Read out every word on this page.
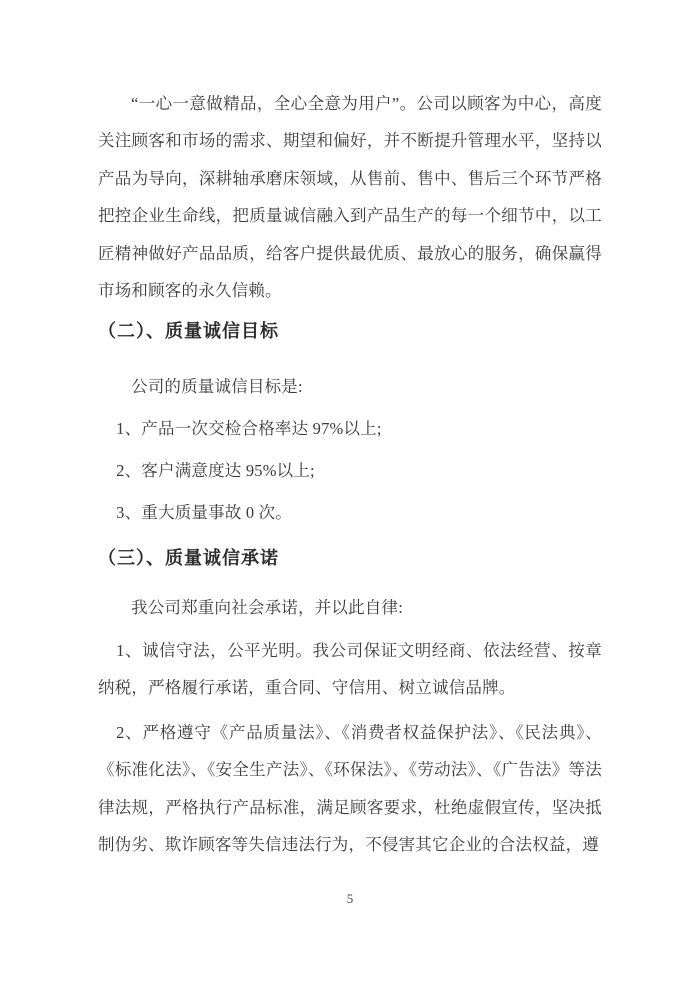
“一心一意做精品，全心全意为用户”。公司以顾客为中心，高度关注顾客和市场的需求、期望和偏好，并不断提升管理水平，坚持以产品为导向，深耕轴承磨床领域，从售前、售中、售后三个环节严格把控企业生命线，把质量诚信融入到产品生产的每一个细节中，以工匠精神做好产品品质，给客户提供最优质、最放心的服务，确保赢得市场和顾客的永久信赖。

（二）、质量诚信目标

公司的质量诚信目标是:

1、产品一次交检合格率达 97%以上;

2、客户满意度达 95%以上;

3、重大质量事故 0 次。

（三）、质量诚信承诺

我公司郑重向社会承诺，并以此自律:

1、诚信守法，公平光明。我公司保证文明经商、依法经营、按章纳税，严格履行承诺，重合同、守信用、树立诚信品牌。

2、严格遵守《产品质量法》、《消费者权益保护法》、《民法典》、《标准化法》、《安全生产法》、《环保法》、《劳动法》、《广告法》等法律法规，严格执行产品标准，满足顾客要求，杜绝虚假宣传，坚决抵制伪劣、欺诈顾客等失信违法行为，不侵害其它企业的合法权益，遵

5
